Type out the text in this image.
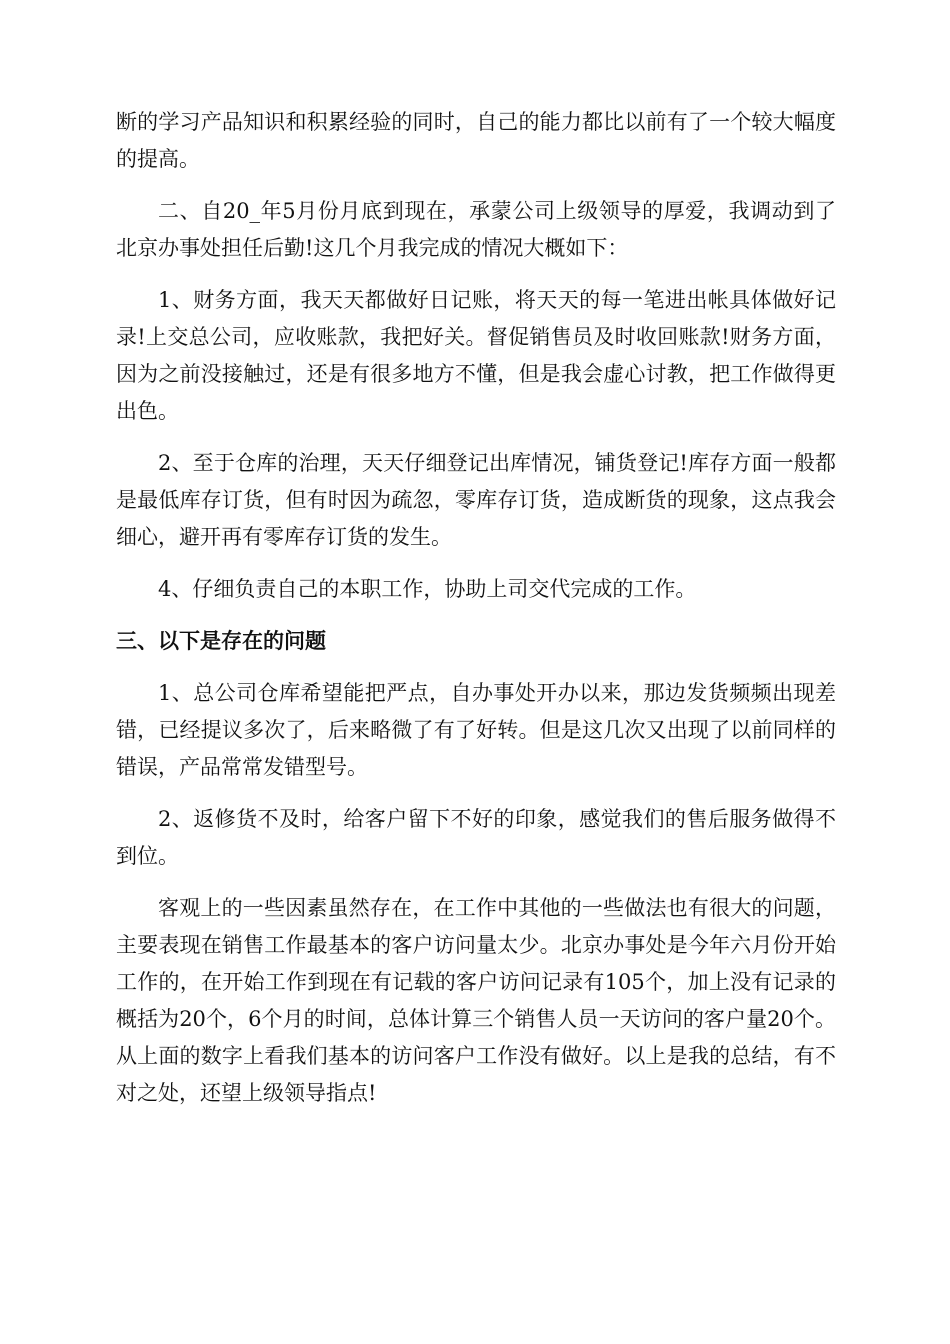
断的学习产品知识和积累经验的同时，自己的能力都比以前有了一个较大幅度的提高。

二、自20_年5月份月底到现在，承蒙公司上级领导的厚爱，我调动到了北京办事处担任后勤!这几个月我完成的情况大概如下：

1、财务方面，我天天都做好日记账，将天天的每一笔进出帐具体做好记录!上交总公司，应收账款，我把好关。督促销售员及时收回账款!财务方面，因为之前没接触过，还是有很多地方不懂，但是我会虚心讨教，把工作做得更出色。

2、至于仓库的治理，天天仔细登记出库情况，铺货登记!库存方面一般都是最低库存订货，但有时因为疏忽，零库存订货，造成断货的现象，这点我会细心，避开再有零库存订货的发生。

4、仔细负责自己的本职工作，协助上司交代完成的工作。

三、以下是存在的问题

1、总公司仓库希望能把严点，自办事处开办以来，那边发货频频出现差错，已经提议多次了，后来略微了有了好转。但是这几次又出现了以前同样的错误，产品常常发错型号。

2、返修货不及时，给客户留下不好的印象，感觉我们的售后服务做得不到位。

客观上的一些因素虽然存在，在工作中其他的一些做法也有很大的问题，主要表现在销售工作最基本的客户访问量太少。北京办事处是今年六月份开始工作的，在开始工作到现在有记载的客户访问记录有105个，加上没有记录的概括为20个，6个月的时间，总体计算三个销售人员一天访问的客户量20个。从上面的数字上看我们基本的访问客户工作没有做好。以上是我的总结，有不对之处，还望上级领导指点!
